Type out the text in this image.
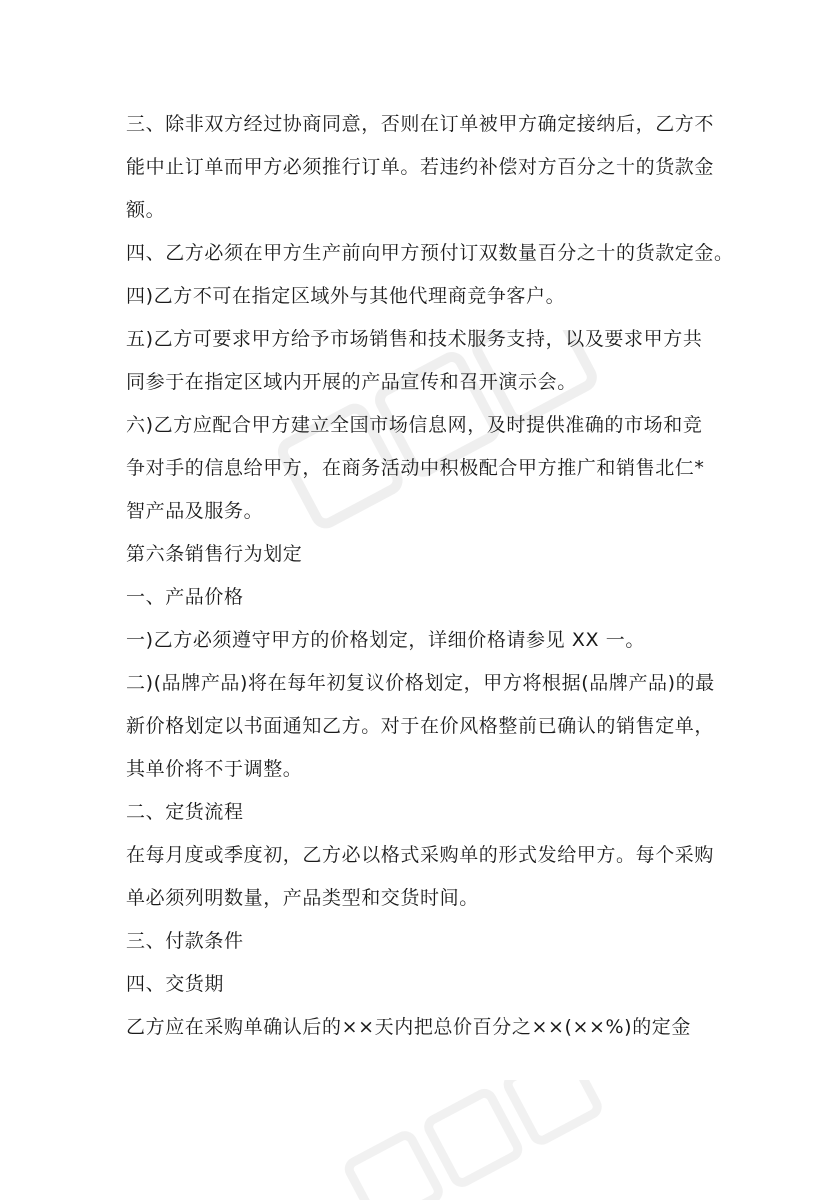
三、除非双方经过协商同意，否则在订单被甲方确定接纳后，乙方不
能中止订单而甲方必须推行订单。若违约补偿对方百分之十的货款金
额。

四、乙方必须在甲方生产前向甲方预付订双数量百分之十的货款定金。

四)乙方不可在指定区域外与其他代理商竞争客户。

五)乙方可要求甲方给予市场销售和技术服务支持，以及要求甲方共
同参于在指定区域内开展的产品宣传和召开演示会。

六)乙方应配合甲方建立全国市场信息网，及时提供准确的市场和竞
争对手的信息给甲方，在商务活动中积极配合甲方推广和销售北仁*
智产品及服务。

第六条销售行为划定

一、产品价格

一)乙方必须遵守甲方的价格划定，详细价格请参见 XX 一。

二)(品牌产品)将在每年初复议价格划定，甲方将根据(品牌产品)的最
新价格划定以书面通知乙方。对于在价风格整前已确认的销售定单，
其单价将不于调整。

二、定货流程

在每月度或季度初，乙方必以格式采购单的形式发给甲方。每个采购
单必须列明数量，产品类型和交货时间。

三、付款条件

四、交货期

乙方应在采购单确认后的××天内把总价百分之××(××%)的定金
